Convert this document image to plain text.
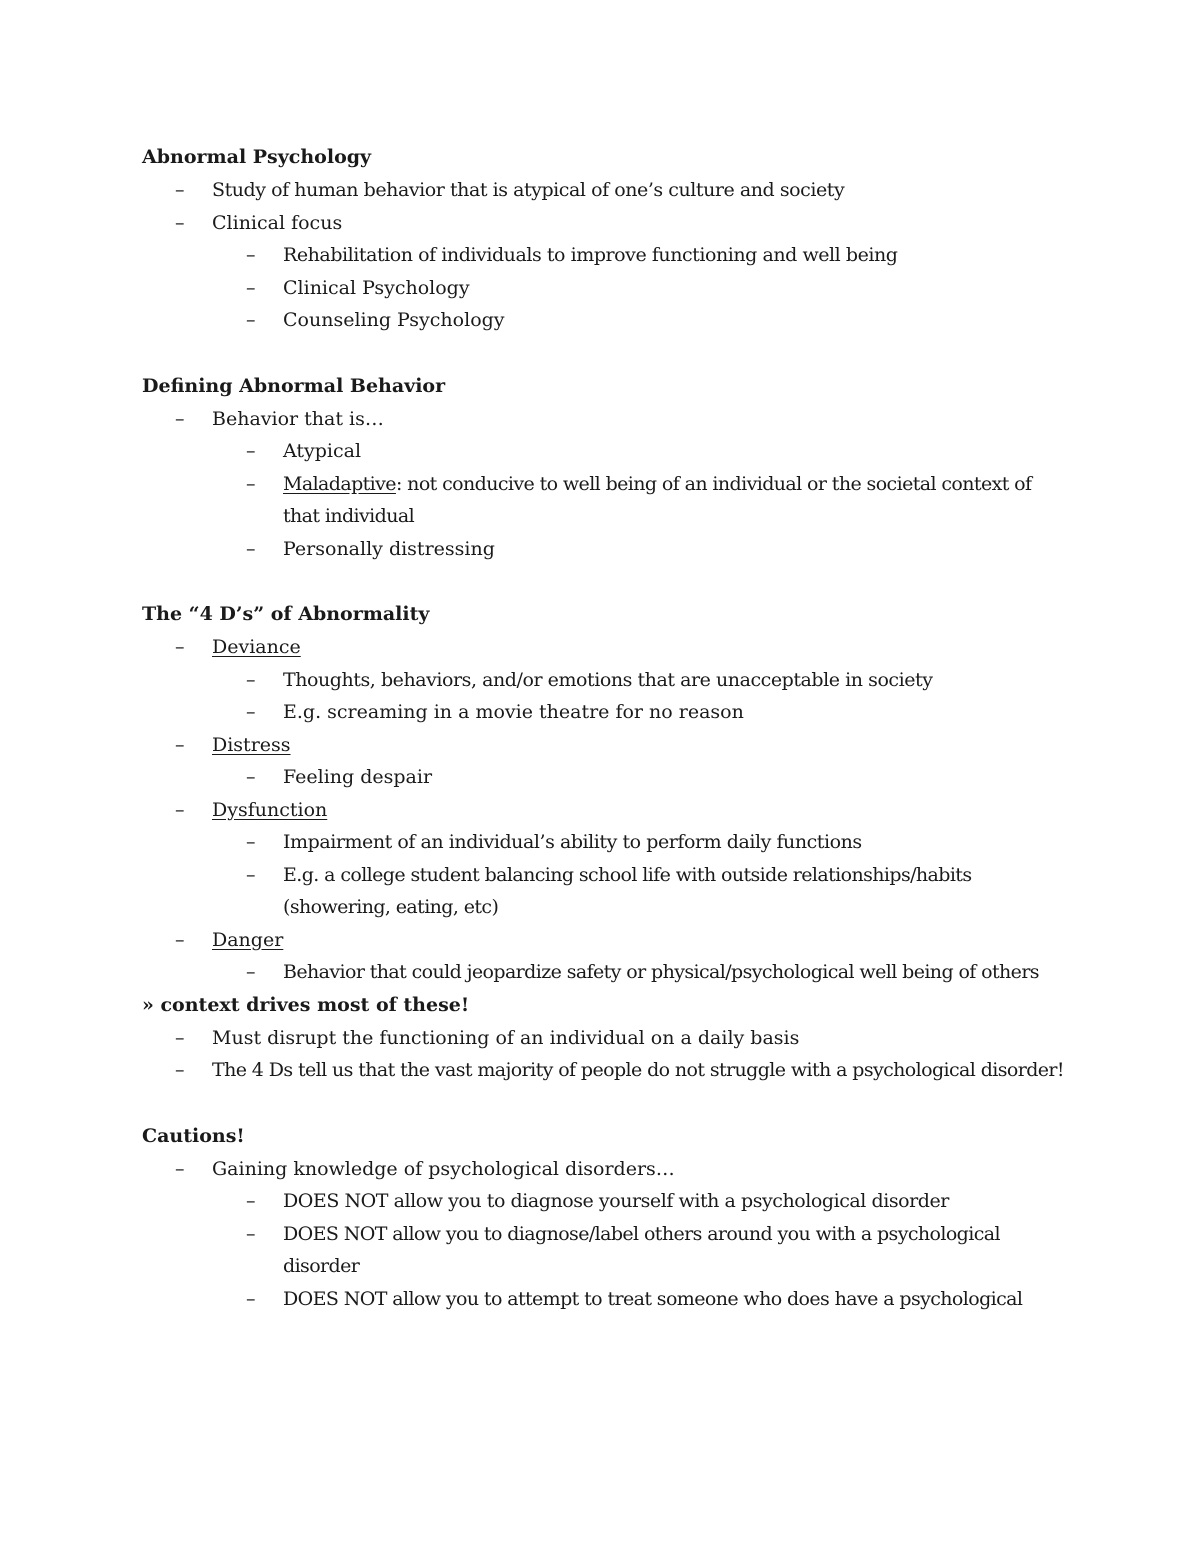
Abnormal Psychology
– Study of human behavior that is atypical of one’s culture and society
– Clinical focus
– Rehabilitation of individuals to improve functioning and well being
– Clinical Psychology
– Counseling Psychology
Defining Abnormal Behavior
– Behavior that is…
– Atypical
– Maladaptive: not conducive to well being of an individual or the societal context of that individual
– Personally distressing
The “4 D’s” of Abnormality
– Deviance
– Thoughts, behaviors, and/or emotions that are unacceptable in society
– E.g. screaming in a movie theatre for no reason
– Distress
– Feeling despair
– Dysfunction
– Impairment of an individual’s ability to perform daily functions
– E.g. a college student balancing school life with outside relationships/habits (showering, eating, etc)
– Danger
– Behavior that could jeopardize safety or physical/psychological well being of others
» context drives most of these!
– Must disrupt the functioning of an individual on a daily basis
– The 4 Ds tell us that the vast majority of people do not struggle with a psychological disorder!
Cautions!
– Gaining knowledge of psychological disorders…
– DOES NOT allow you to diagnose yourself with a psychological disorder
– DOES NOT allow you to diagnose/label others around you with a psychological disorder
– DOES NOT allow you to attempt to treat someone who does have a psychological
